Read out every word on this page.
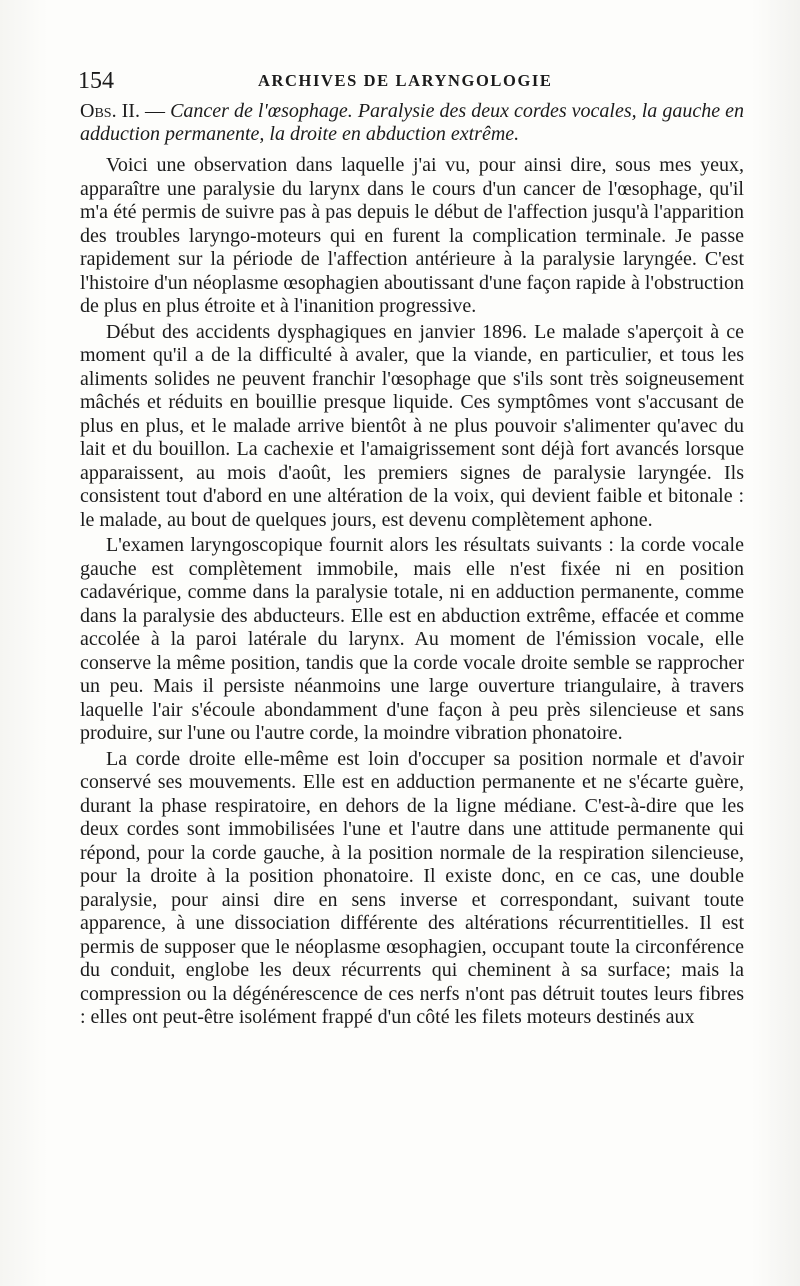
154	ARCHIVES DE LARYNGOLOGIE

Obs. II. — Cancer de l'œsophage. Paralysie des deux cordes vocales, la gauche en adduction permanente, la droite en abduction extrême.

Voici une observation dans laquelle j'ai vu, pour ainsi dire, sous mes yeux, apparaître une paralysie du larynx dans le cours d'un cancer de l'œsophage, qu'il m'a été permis de suivre pas à pas depuis le début de l'affection jusqu'à l'apparition des troubles laryngo-moteurs qui en furent la complication terminale. Je passe rapidement sur la période de l'affection antérieure à la paralysie laryngée. C'est l'histoire d'un néoplasme œsophagien aboutissant d'une façon rapide à l'obstruction de plus en plus étroite et à l'inanition progressive.

Début des accidents dysphagiques en janvier 1896. Le malade s'aperçoit à ce moment qu'il a de la difficulté à avaler, que la viande, en particulier, et tous les aliments solides ne peuvent franchir l'œsophage que s'ils sont très soigneusement mâchés et réduits en bouillie presque liquide. Ces symptômes vont s'accusant de plus en plus, et le malade arrive bientôt à ne plus pouvoir s'alimenter qu'avec du lait et du bouillon. La cachexie et l'amaigrissement sont déjà fort avancés lorsque apparaissent, au mois d'août, les premiers signes de paralysie laryngée. Ils consistent tout d'abord en une altération de la voix, qui devient faible et bitonale : le malade, au bout de quelques jours, est devenu complètement aphone.

L'examen laryngoscopique fournit alors les résultats suivants : la corde vocale gauche est complètement immobile, mais elle n'est fixée ni en position cadavérique, comme dans la paralysie totale, ni en adduction permanente, comme dans la paralysie des abducteurs. Elle est en abduction extrême, effacée et comme accolée à la paroi latérale du larynx. Au moment de l'émission vocale, elle conserve la même position, tandis que la corde vocale droite semble se rapprocher un peu. Mais il persiste néanmoins une large ouverture triangulaire, à travers laquelle l'air s'écoule abondamment d'une façon à peu près silencieuse et sans produire, sur l'une ou l'autre corde, la moindre vibration phonatoire.

La corde droite elle-même est loin d'occuper sa position normale et d'avoir conservé ses mouvements. Elle est en adduction permanente et ne s'écarte guère, durant la phase respiratoire, en dehors de la ligne médiane. C'est-à-dire que les deux cordes sont immobilisées l'une et l'autre dans une attitude permanente qui répond, pour la corde gauche, à la position normale de la respiration silencieuse, pour la droite à la position phonatoire. Il existe donc, en ce cas, une double paralysie, pour ainsi dire en sens inverse et correspondant, suivant toute apparence, à une dissociation différente des altérations récurrentitielles. Il est permis de supposer que le néoplasme œsophagien, occupant toute la circonférence du conduit, englobe les deux récurrents qui cheminent à sa surface; mais la compression ou la dégénérescence de ces nerfs n'ont pas détruit toutes leurs fibres : elles ont peut-être isolément frappé d'un côté les filets moteurs destinés aux
